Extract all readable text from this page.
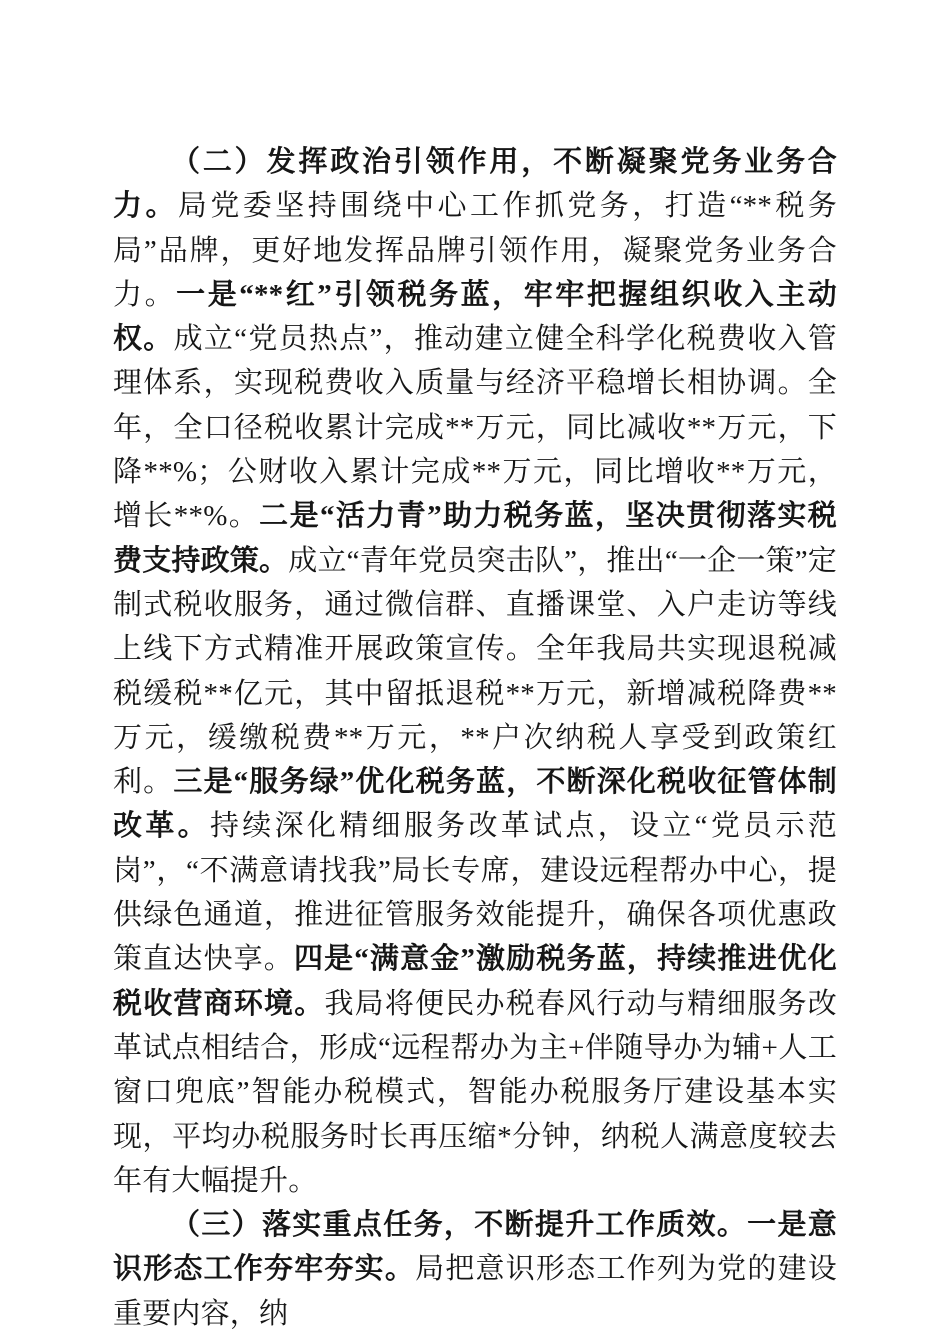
（二）发挥政治引领作用，不断凝聚党务业务合力。局党委坚持围绕中心工作抓党务，打造“**税务局”品牌，更好地发挥品牌引领作用，凝聚党务业务合力。一是“**红”引领税务蓝，牢牢把握组织收入主动权。成立“党员热点”，推动建立健全科学化税费收入管理体系，实现税费收入质量与经济平稳增长相协调。全年，全口径税收累计完成**万元，同比减收**万元，下降**%；公财收入累计完成**万元，同比增收**万元，增长**%。二是“活力青”助力税务蓝，坚决贯彻落实税费支持政策。成立“青年党员突击队”，推出“一企一策”定制式税收服务，通过微信群、直播课堂、入户走访等线上线下方式精准开展政策宣传。全年我局共实现退税减税缓税**亿元，其中留抵退税**万元，新增减税降费**万元，缓缴税费**万元，**户次纳税人享受到政策红利。三是“服务绿”优化税务蓝，不断深化税收征管体制改革。持续深化精细服务改革试点，设立“党员示范岗”，“不满意请找我”局长专席，建设远程帮办中心，提供绿色通道，推进征管服务效能提升，确保各项优惠政策直达快享。四是“满意金”激励税务蓝，持续推进优化税收营商环境。我局将便民办税春风行动与精细服务改革试点相结合，形成“远程帮办为主+伴随导办为辅+人工窗口兜底”智能办税模式，智能办税服务厅建设基本实现，平均办税服务时长再压缩*分钟，纳税人满意度较去年有大幅提升。

（三）落实重点任务，不断提升工作质效。一是意识形态工作夯牢夯实。局把意识形态工作列为党的建设重要内容，纳
